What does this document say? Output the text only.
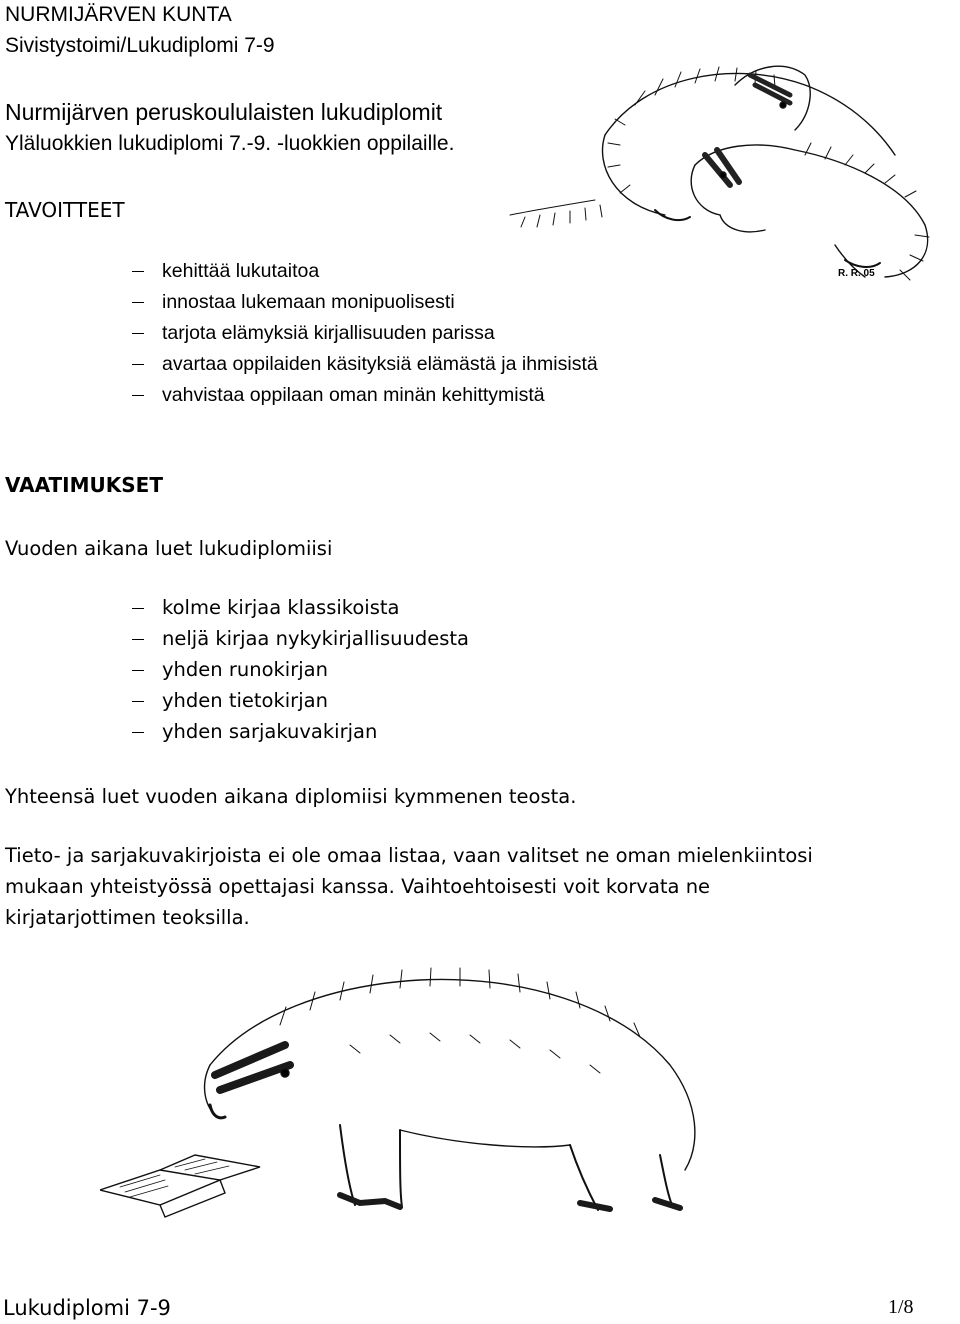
NURMIJÄRVEN KUNTA
Sivistystoimi/Lukudiplomi 7-9
Nurmijärven peruskoululaisten lukudiplomit
Yläluokkien lukudiplomi 7.-9. -luokkien oppilaille.
TAVOITTEET
kehittää lukutaitoa
innostaa lukemaan monipuolisesti
tarjota elämyksiä kirjallisuuden parissa
avartaa oppilaiden käsityksiä elämästä ja ihmisistä
vahvistaa oppilaan oman minän kehittymistä
VAATIMUKSET
Vuoden aikana luet lukudiplomiisi
kolme kirjaa klassikoista
neljä kirjaa nykykirjallisuudesta
yhden runokirjan
yhden tietokirjan
yhden sarjakuvakirjan
Yhteensä luet vuoden aikana diplomiisi kymmenen teosta.
Tieto- ja sarjakuvakirjoista ei ole omaa listaa, vaan valitset ne oman mielenkiintosi
mukaan yhteistyössä opettajasi kanssa. Vaihtoehtoisesti voit korvata ne
kirjatarjottimen teoksilla.
R. R. 05
Lukudiplomi 7-9	1/8
